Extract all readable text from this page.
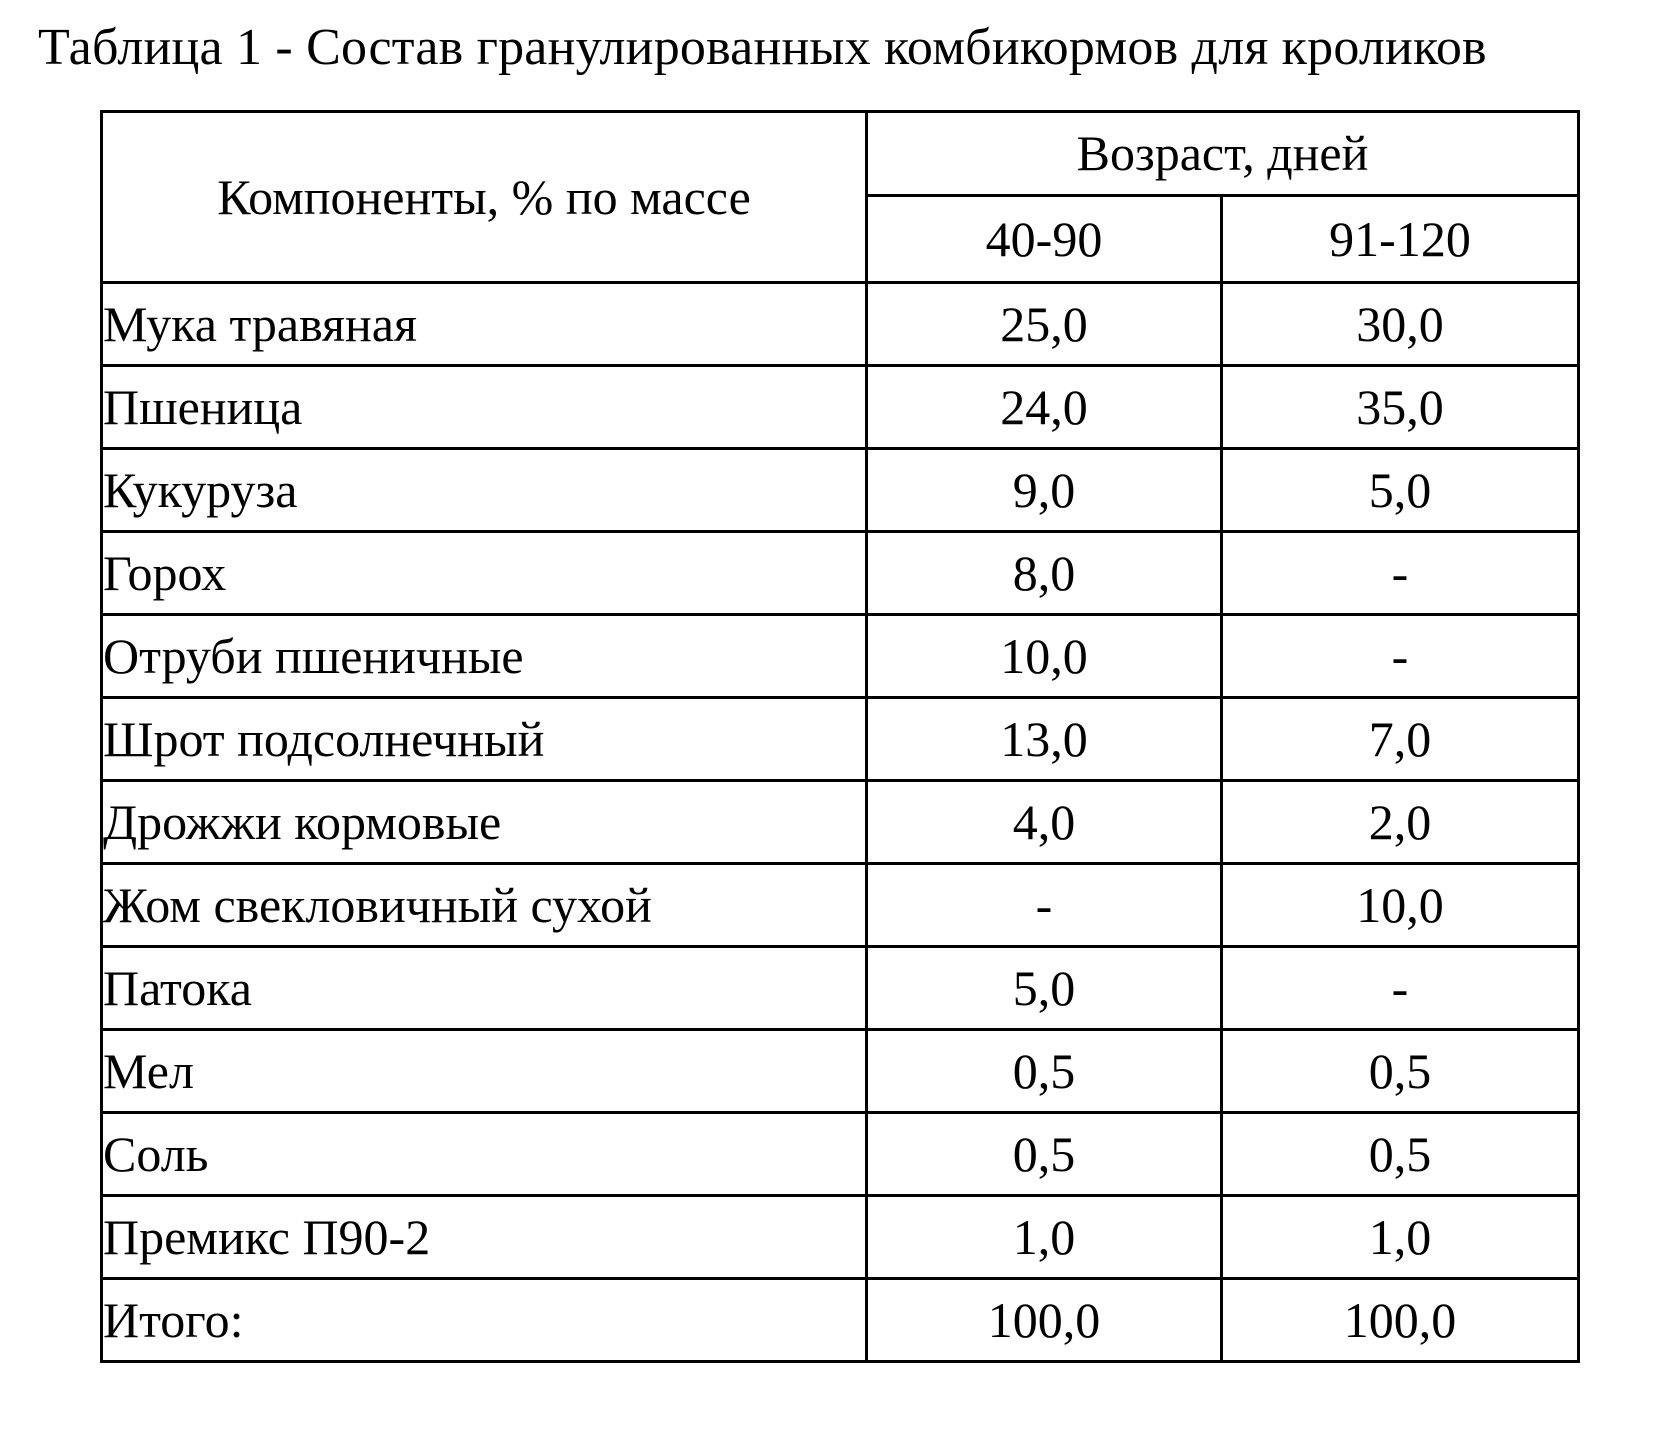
Таблица 1 - Состав гранулированных комбикормов для кроликов
Компоненты, % по массе	Возраст, дней	
	40-90	91-120
Мука травяная	25,0	30,0
Пшеница	24,0	35,0
Кукуруза	9,0	5,0
Горох	8,0	-
Отруби пшеничные	10,0	-
Шрот подсолнечный	13,0	7,0
Дрожжи кормовые	4,0	2,0
Жом свекловичный сухой	-	10,0
Патока	5,0	-
Мел	0,5	0,5
Соль	0,5	0,5
Премикс П90-2	1,0	1,0
Итого:	100,0	100,0
